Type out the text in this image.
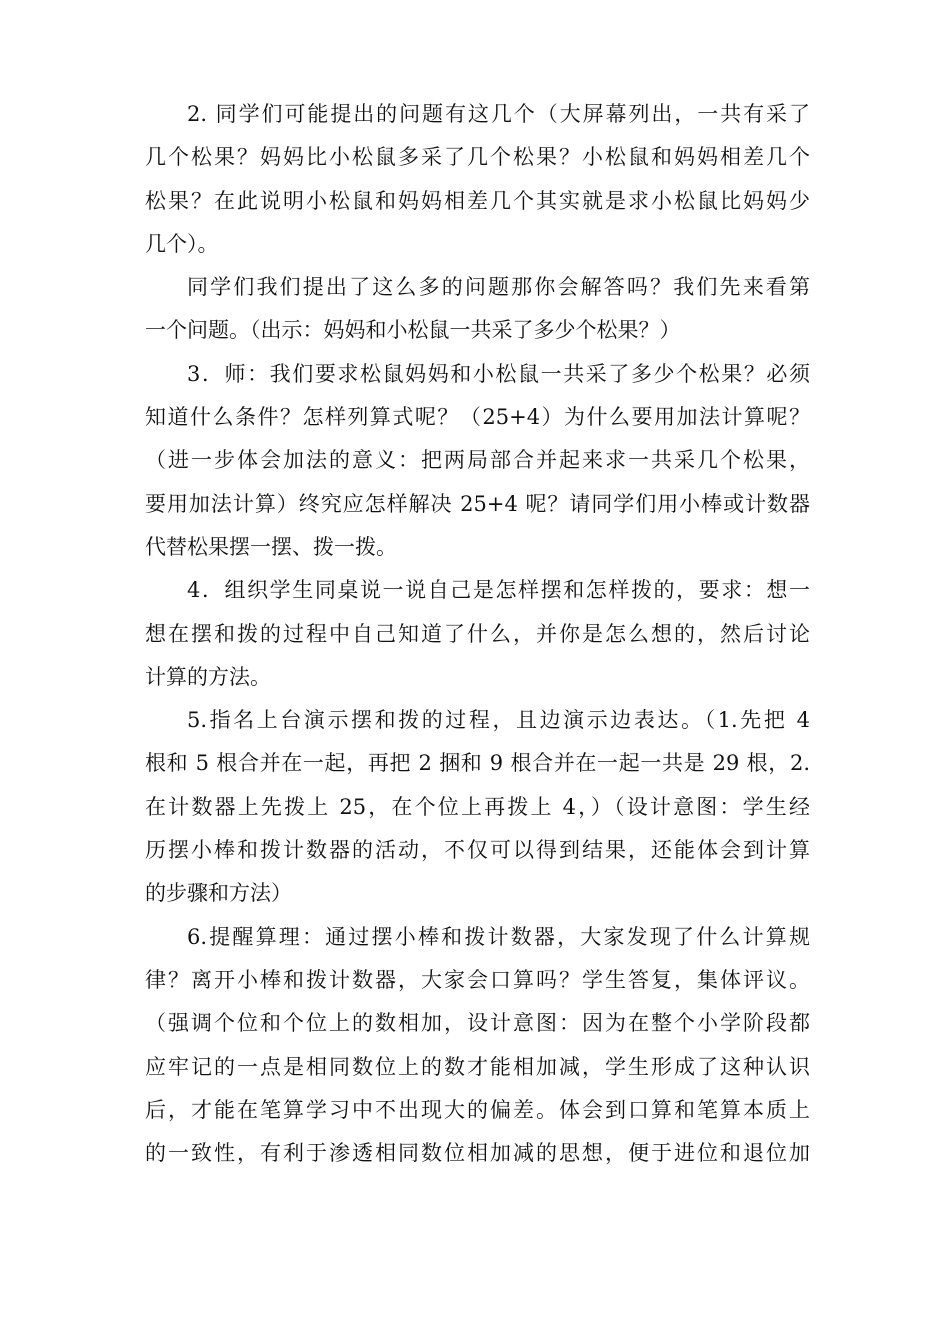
2. 同学们可能提出的问题有这几个（大屏幕列出，一共有采了
几个松果？妈妈比小松鼠多采了几个松果？小松鼠和妈妈相差几个
松果？在此说明小松鼠和妈妈相差几个其实就是求小松鼠比妈妈少
几个）。
同学们我们提出了这么多的问题那你会解答吗？我们先来看第
一个问题。（出示：妈妈和小松鼠一共采了多少个松果？）
3．师：我们要求松鼠妈妈和小松鼠一共采了多少个松果？必须
知道什么条件？怎样列算式呢？（25+4）为什么要用加法计算呢？
（进一步体会加法的意义：把两局部合并起来求一共采几个松果，
要用加法计算）终究应怎样解决 25+4 呢？请同学们用小棒或计数器
代替松果摆一摆、拨一拨。
4．组织学生同桌说一说自己是怎样摆和怎样拨的，要求：想一
想在摆和拨的过程中自己知道了什么，并你是怎么想的，然后讨论
计算的方法。
5.指名上台演示摆和拨的过程，且边演示边表达。（1.先把 4
根和 5 根合并在一起，再把 2 捆和 9 根合并在一起一共是 29 根，2.
在计数器上先拨上 25，在个位上再拨上 4，）（设计意图：学生经
历摆小棒和拨计数器的活动，不仅可以得到结果，还能体会到计算
的步骤和方法）
6.提醒算理：通过摆小棒和拨计数器，大家发现了什么计算规
律？离开小棒和拨计数器，大家会口算吗？学生答复，集体评议。
（强调个位和个位上的数相加，设计意图：因为在整个小学阶段都
应牢记的一点是相同数位上的数才能相加减，学生形成了这种认识
后，才能在笔算学习中不出现大的偏差。体会到口算和笔算本质上
的一致性，有利于渗透相同数位相加减的思想，便于进位和退位加
